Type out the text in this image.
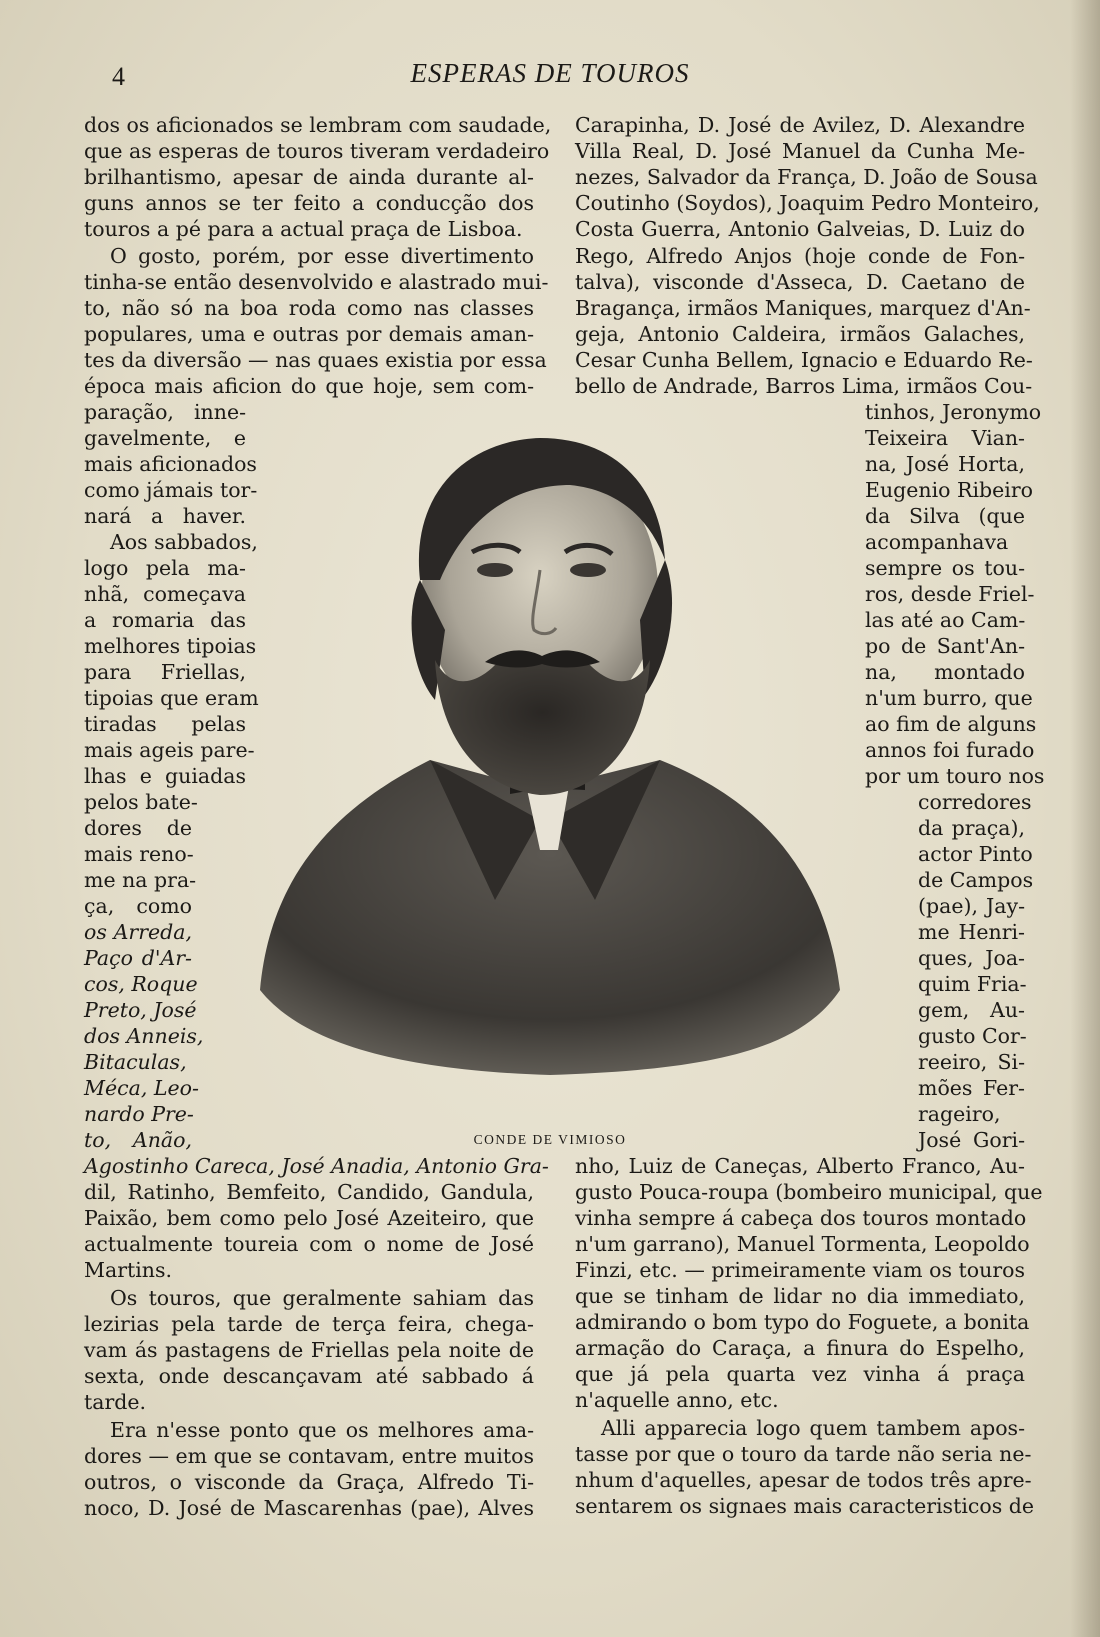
4	ESPERAS DE TOUROS
CONDE DE VIMIOSO
dos os aficionados se lembram com saudade,
que as esperas de touros tiveram verdadeiro
brilhantismo, apesar de ainda durante al-
guns annos se ter feito a conducção dos
touros a pé para a actual praça de Lisboa.
O gosto, porém, por esse divertimento
tinha-se então desenvolvido e alastrado mui-
to, não só na boa roda como nas classes
populares, uma e outras por demais aman-
tes da diversão — nas quaes existia por essa
época mais aficion do que hoje, sem com-
paração, inne-
gavelmente, e
mais aficionados
como jámais tor-
nará a haver.
Aos sabbados,
logo pela ma-
nhã, começava
a romaria das
melhores tipoias
para Friellas,
tipoias que eram
tiradas pelas
mais ageis pare-
lhas e guiadas
pelos bate-
dores de
mais reno-
me na pra-
ça, como
os Arreda,
Paço d'Ar-
cos, Roque
Preto, José
dos Anneis,
Bitaculas,
Méca, Leo-
nardo Pre-
to, Anão,
Agostinho Careca, José Anadia, Antonio Gra-
dil, Ratinho, Bemfeito, Candido, Gandula,
Paixão, bem como pelo José Azeiteiro, que
actualmente toureia com o nome de José
Martins.
Os touros, que geralmente sahiam das
lezirias pela tarde de terça feira, chega-
vam ás pastagens de Friellas pela noite de
sexta, onde descançavam até sabbado á
tarde.
Era n'esse ponto que os melhores ama-
dores — em que se contavam, entre muitos
outros, o visconde da Graça, Alfredo Ti-
noco, D. José de Mascarenhas (pae), Alves
Carapinha, D. José de Avilez, D. Alexandre
Villa Real, D. José Manuel da Cunha Me-
nezes, Salvador da França, D. João de Sousa
Coutinho (Soydos), Joaquim Pedro Monteiro,
Costa Guerra, Antonio Galveias, D. Luiz do
Rego, Alfredo Anjos (hoje conde de Fon-
talva), visconde d'Asseca, D. Caetano de
Bragança, irmãos Maniques, marquez d'An-
geja, Antonio Caldeira, irmãos Galaches,
Cesar Cunha Bellem, Ignacio e Eduardo Re-
bello de Andrade, Barros Lima, irmãos Cou-
tinhos, Jeronymo
Teixeira Vian-
na, José Horta,
Eugenio Ribeiro
da Silva (que
acompanhava
sempre os tou-
ros, desde Friel-
las até ao Cam-
po de Sant'An-
na, montado
n'um burro, que
ao fim de alguns
annos foi furado
por um touro nos
corredores
da praça),
actor Pinto
de Campos
(pae), Jay-
me Henri-
ques, Joa-
quim Fria-
gem, Au-
gusto Cor-
reeiro, Si-
mões Fer-
rageiro,
José Gori-
nho, Luiz de Caneças, Alberto Franco, Au-
gusto Pouca-roupa (bombeiro municipal, que
vinha sempre á cabeça dos touros montado
n'um garrano), Manuel Tormenta, Leopoldo
Finzi, etc. — primeiramente viam os touros
que se tinham de lidar no dia immediato,
admirando o bom typo do Foguete, a bonita
armação do Caraça, a finura do Espelho,
que já pela quarta vez vinha á praça
n'aquelle anno, etc.
Alli apparecia logo quem tambem apos-
tasse por que o touro da tarde não seria ne-
nhum d'aquelles, apesar de todos três apre-
sentarem os signaes mais caracteristicos de
